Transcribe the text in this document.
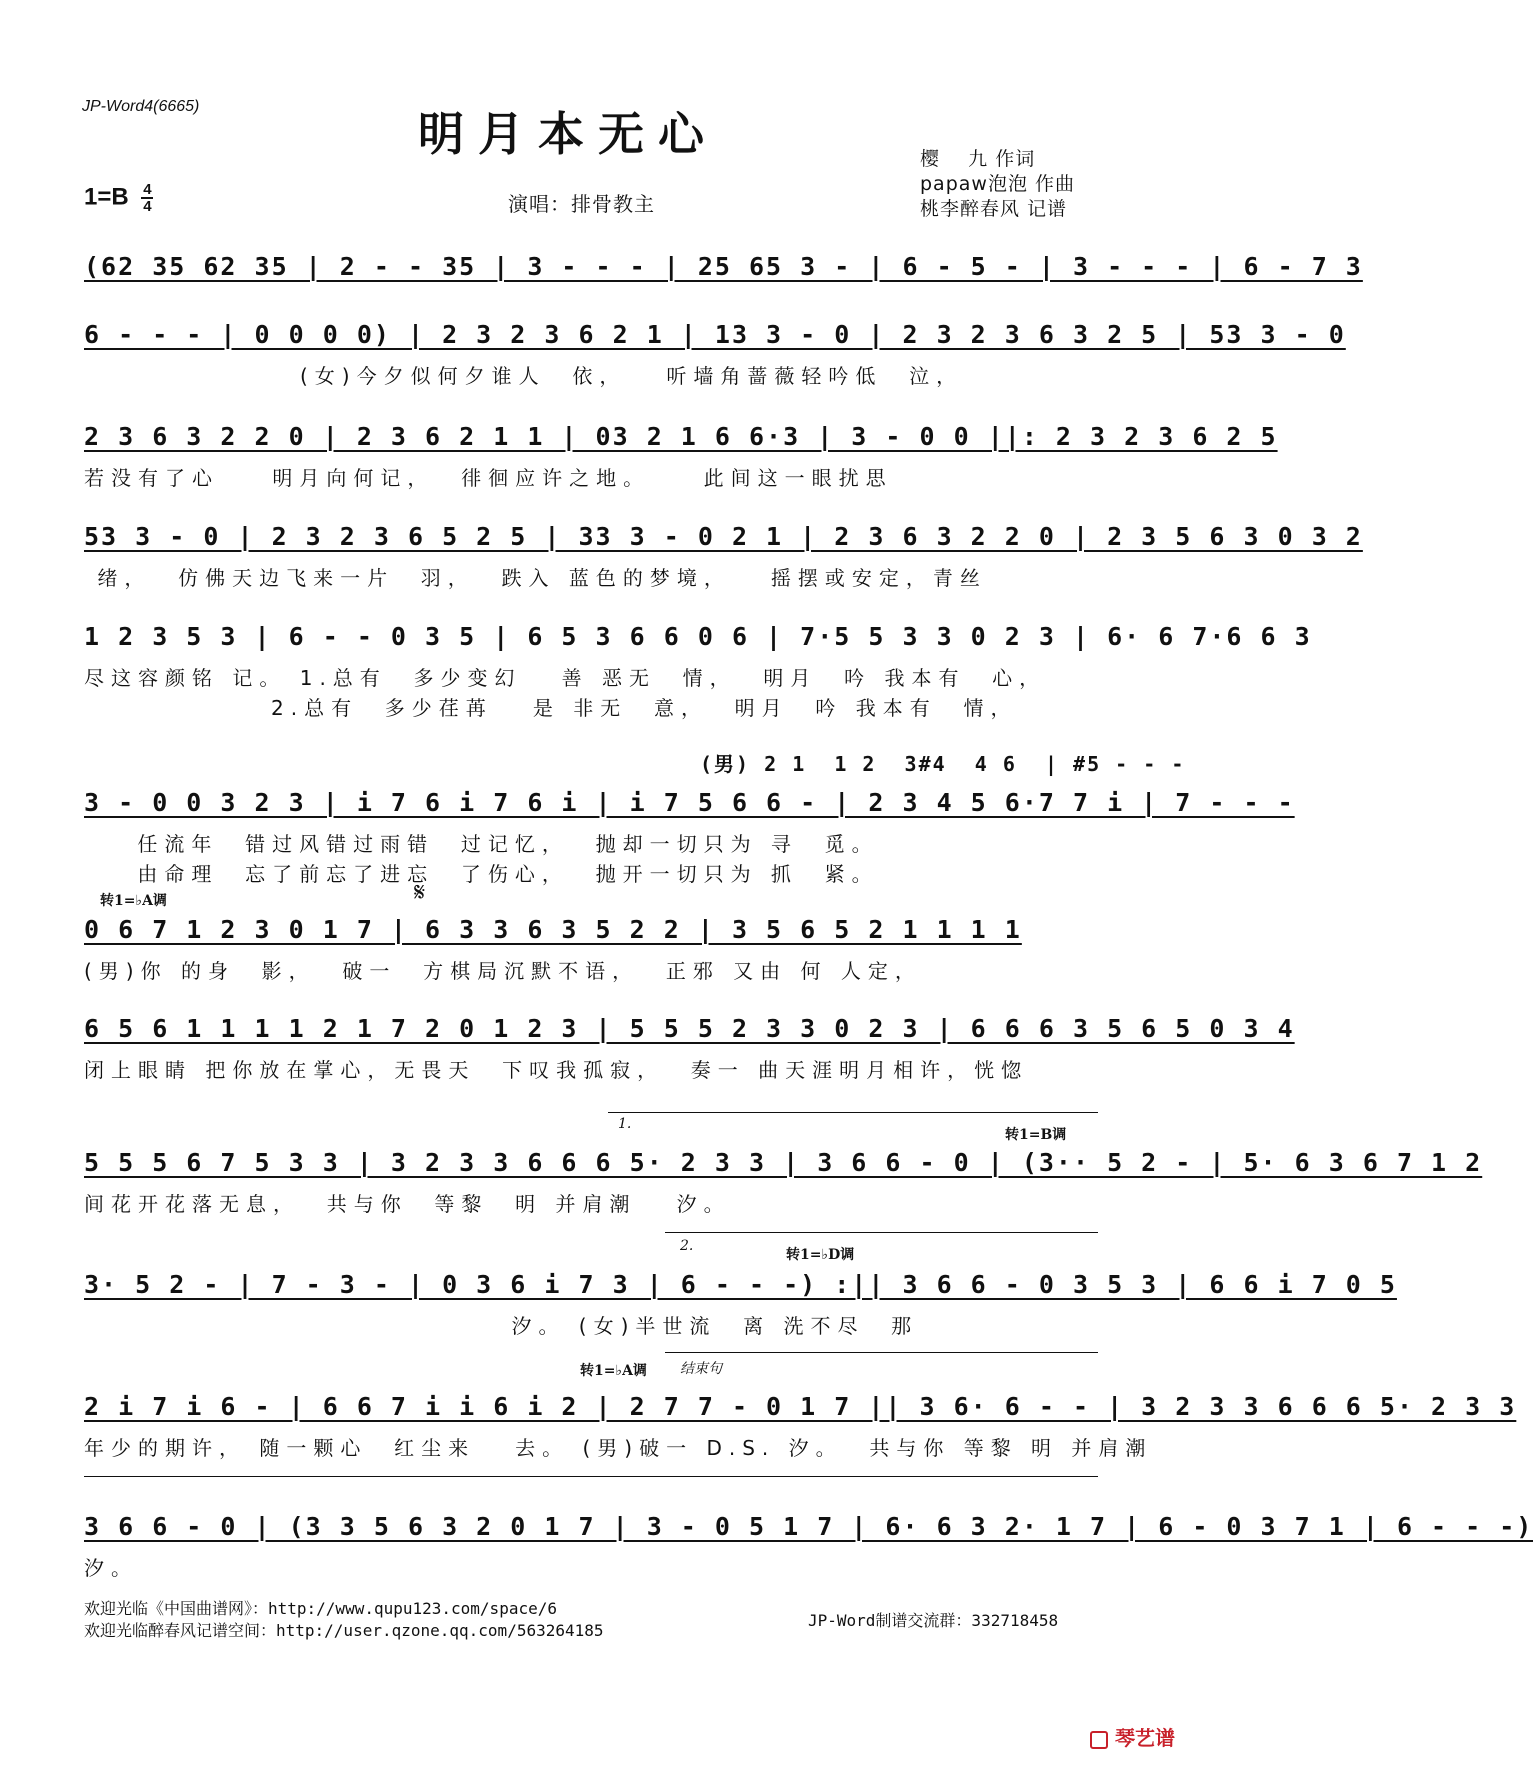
JP-Word4(6665)
明月本无心	樱    九 作词
papaw泡泡 作曲
桃李醉春风 记谱
$1=B \frac{4}{4}$	演唱：排骨教主
(62 35 62 35 | 2 - - 35 | 3 - - - | 25 65 3 - | 6 - 5 - | 3 - - - | 6 - 7 3
6 - - - | 0 0 0 0) | 2 3 2 3 6 2 1 | 13 3 - 0 | 2 3 2 3 6 3 2 5 | 53 3 - 0
(女)今夕似何夕谁人  依，   听墙角蔷薇轻吟低  泣，
2 3 6 3 2 2 0 | 2 3 6 2 1 1 | 03 2 1 6 6·3 | 3 - 0 0 ||: 2 3 2 3 6 2 5
若没有了心    明月向何记，  徘徊应许之地。    此间这一眼扰思
53 3 - 0 | 2 3 2 3 6 5 2 5 | 33 3 - 0 2 1 | 2 3 6 3 2 2 0 | 2 3 5 6 3 0 3 2
绪，  仿佛天边飞来一片  羽，  跌入 蓝色的梦境，   摇摆或安定，青丝
1 2 3 5 3 | 6 - - 0 3 5 | 6 5 3 6 6 0 6 | 7·5 5 3 3 0 2 3 | 6· 6 7·6 6 3
尽这容颜铭 记。 1.总有  多少变幻   善 恶无  情，  明月  吟 我本有  心，
2.总有  多少荏苒   是 非无  意，  明月  吟 我本有  情，
(男) 2 1  1 2  3#4  4 6  | #5 - - -
3 - 0 0 3 2 3 | i 7 6 i 7 6 i | i 7 5 6 6 - | 2 3 4 5 6·7 7 i | 7 - - -
任流年  错过风错过雨错  过记忆，  抛却一切只为 寻  觅。
由命理  忘了前忘了进忘  了伤心，  抛开一切只为 抓  紧。
转1=♭A调	𝄋
0 6 7 1 2 3 0 1 7 | 6 3 3 6 3 5 2 2 | 3 5 6 5 2 1 1 1 1
(男)你 的身  影，  破一  方棋局沉默不语，  正邪 又由 何 人定，
6 5 6 1 1 1 1 2 1 7 2 0 1 2 3 | 5 5 5 2 3 3 0 2 3 | 6 6 6 3 5 6 5 0 3 4
闭上眼睛 把你放在掌心，无畏天  下叹我孤寂，  奏一 曲天涯明月相许，恍惚
1.
转1=B调
5 5 5 6 7 5 3 3 | 3 2 3 3 6 6 6 5· 2 3 3 | 3 6 6 - 0 | (3·· 5 2 - | 5· 6 3 6 7 1 2
间花开花落无息，  共与你  等黎  明 并肩潮   汐。
2.
转1=♭D调
3· 5 2 - | 7 - 3 - | 0 3 6 i 7 3 | 6 - - -) :|| 3 6 6 - 0 3 5 3 | 6 6 i 7 0 5
汐。 (女)半世流  离 洗不尽  那
转1=♭A调 结束句
2 i 7 i 6 - | 6 6 7 i i 6 i 2 | 2 7 7 - 0 1 7 || 3 6· 6 - - | 3 2 3 3 6 6 6 5· 2 3 3
年少的期许， 随一颗心  红尘来   去。 (男)破一 D.S. 汐。  共与你 等黎 明 并肩潮
3 6 6 - 0 | (3 3 5 6 3 2 0 1 7 | 3 - 0 5 1 7 | 6· 6 3 2· 1 7 | 6 - 0 3 7 1 | 6 - - -)
汐。
欢迎光临《中国曲谱网》：http://www.qupu123.com/space/6
欢迎光临醉春风记谱空间：http://user.qzone.qq.com/563264185
JP-Word制谱交流群：332718458
琴艺谱
